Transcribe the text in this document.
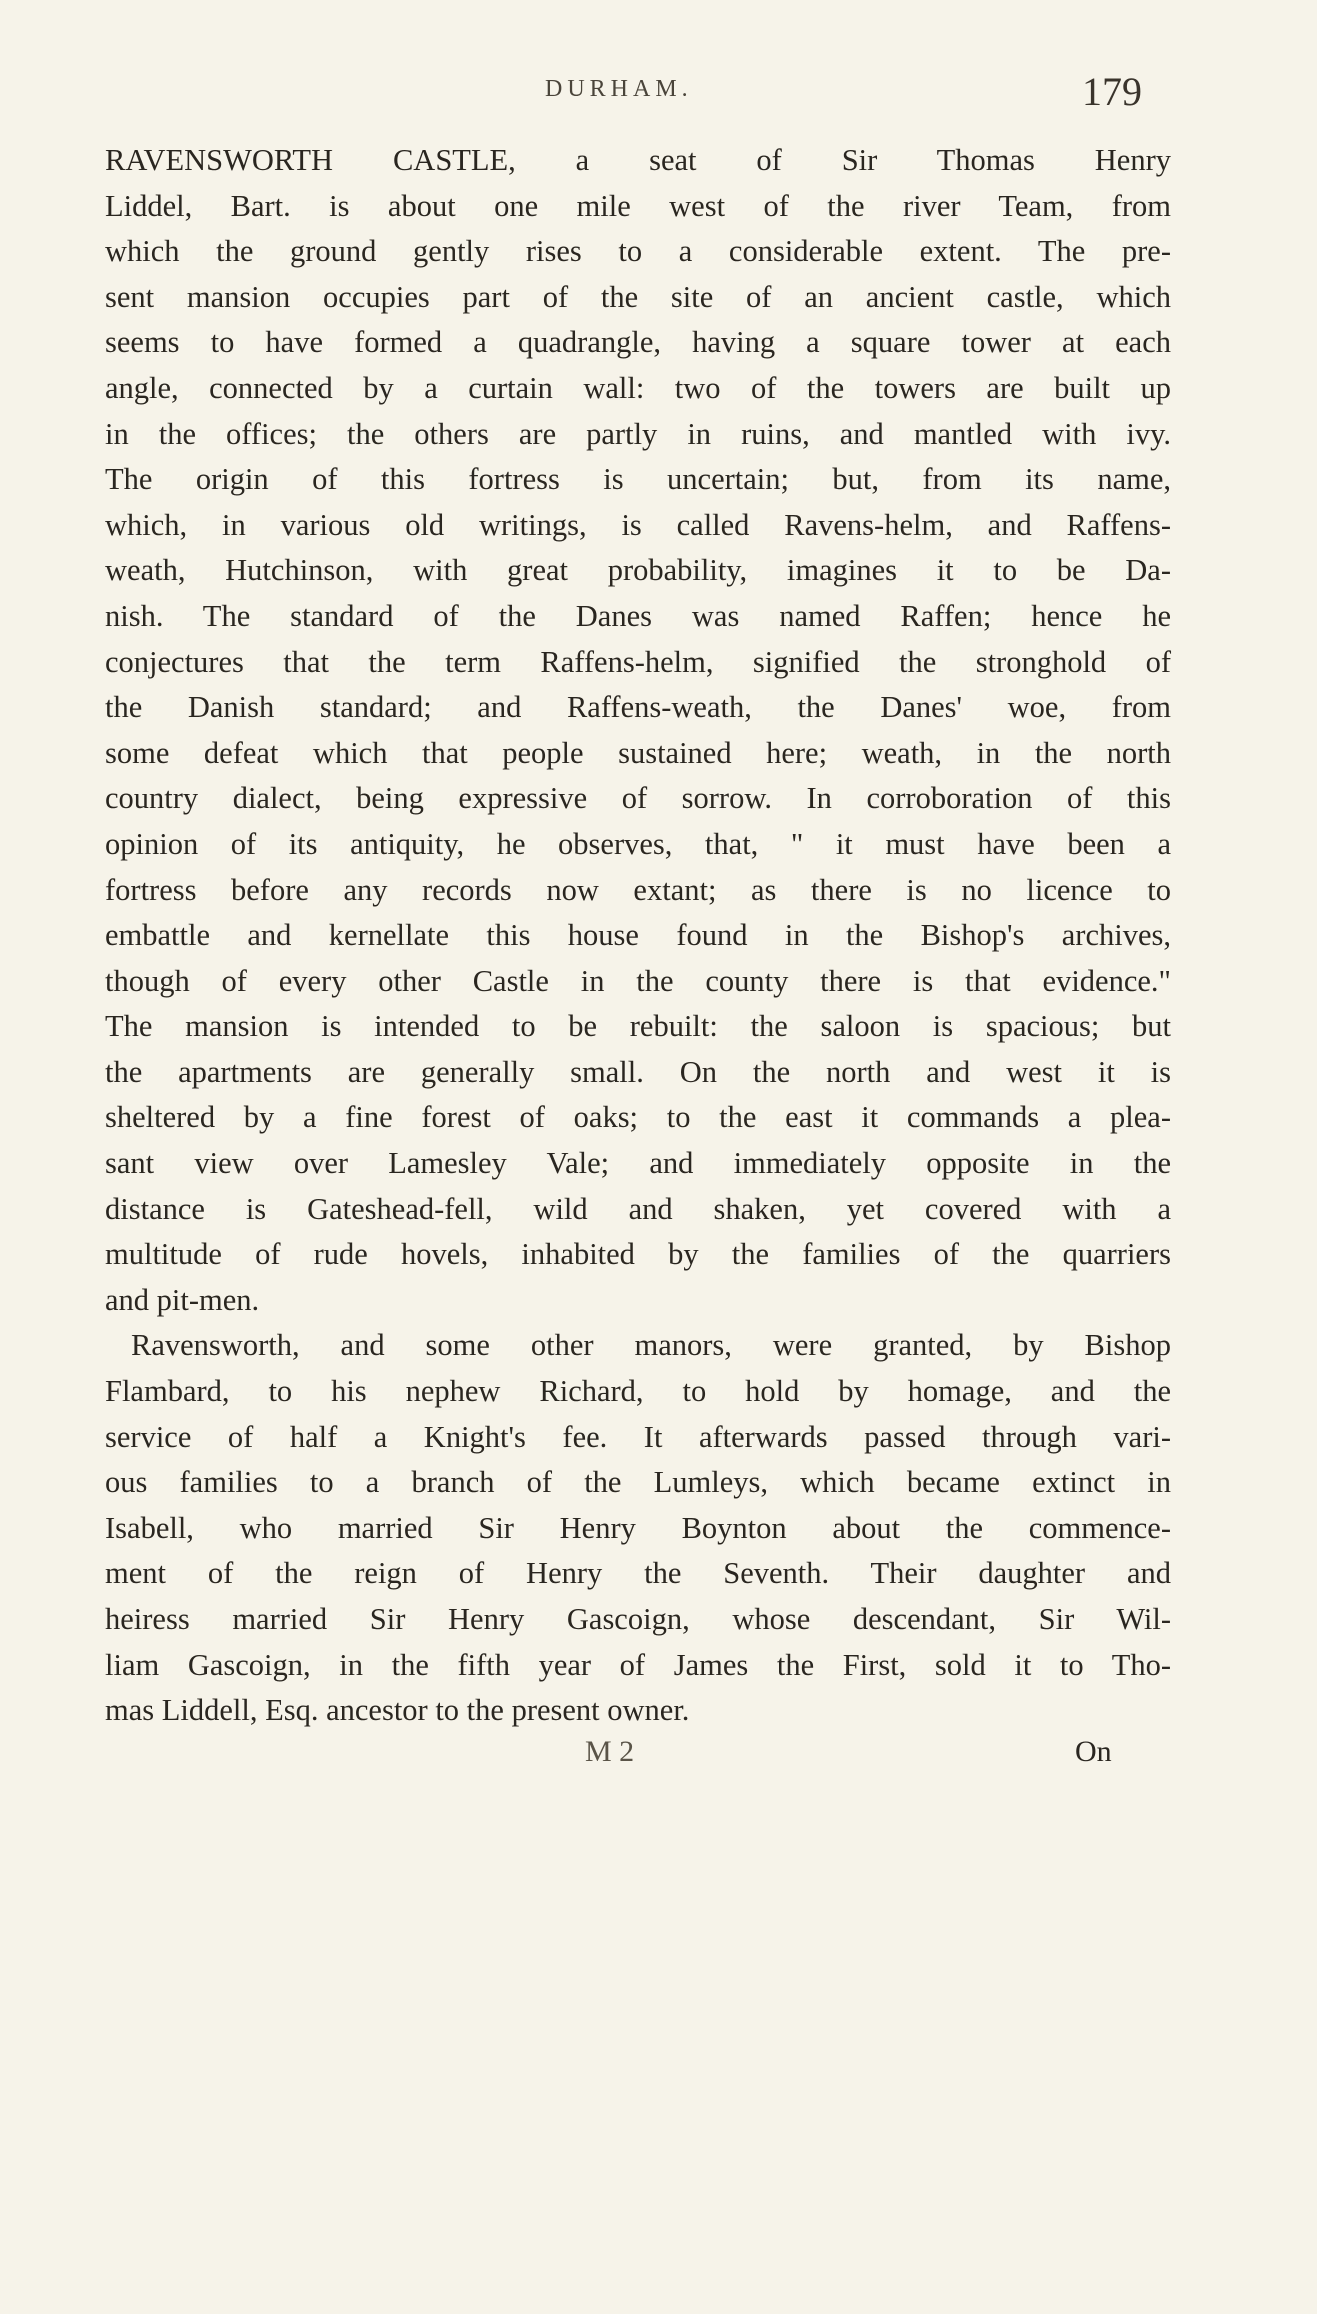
DURHAM.	179
RAVENSWORTH CASTLE, a seat of Sir Thomas Henry
Liddel, Bart. is about one mile west of the river Team, from
which the ground gently rises to a considerable extent. The pre-
sent mansion occupies part of the site of an ancient castle, which
seems to have formed a quadrangle, having a square tower at each
angle, connected by a curtain wall: two of the towers are built up
in the offices; the others are partly in ruins, and mantled with ivy.
The origin of this fortress is uncertain; but, from its name,
which, in various old writings, is called Ravens-helm, and Raffens-
weath, Hutchinson, with great probability, imagines it to be Da-
nish. The standard of the Danes was named Raffen; hence he
conjectures that the term Raffens-helm, signified the stronghold of
the Danish standard; and Raffens-weath, the Danes' woe, from
some defeat which that people sustained here; weath, in the north
country dialect, being expressive of sorrow. In corroboration of this
opinion of its antiquity, he observes, that, " it must have been a
fortress before any records now extant; as there is no licence to
embattle and kernellate this house found in the Bishop's archives,
though of every other Castle in the county there is that evidence."
The mansion is intended to be rebuilt: the saloon is spacious; but
the apartments are generally small. On the north and west it is
sheltered by a fine forest of oaks; to the east it commands a plea-
sant view over Lamesley Vale; and immediately opposite in the
distance is Gateshead-fell, wild and shaken, yet covered with a
multitude of rude hovels, inhabited by the families of the quarriers
and pit-men.
Ravensworth, and some other manors, were granted, by Bishop
Flambard, to his nephew Richard, to hold by homage, and the
service of half a Knight's fee. It afterwards passed through vari-
ous families to a branch of the Lumleys, which became extinct in
Isabell, who married Sir Henry Boynton about the commence-
ment of the reign of Henry the Seventh. Their daughter and
heiress married Sir Henry Gascoign, whose descendant, Sir Wil-
liam Gascoign, in the fifth year of James the First, sold it to Tho-
mas Liddell, Esq. ancestor to the present owner.
M 2	On
